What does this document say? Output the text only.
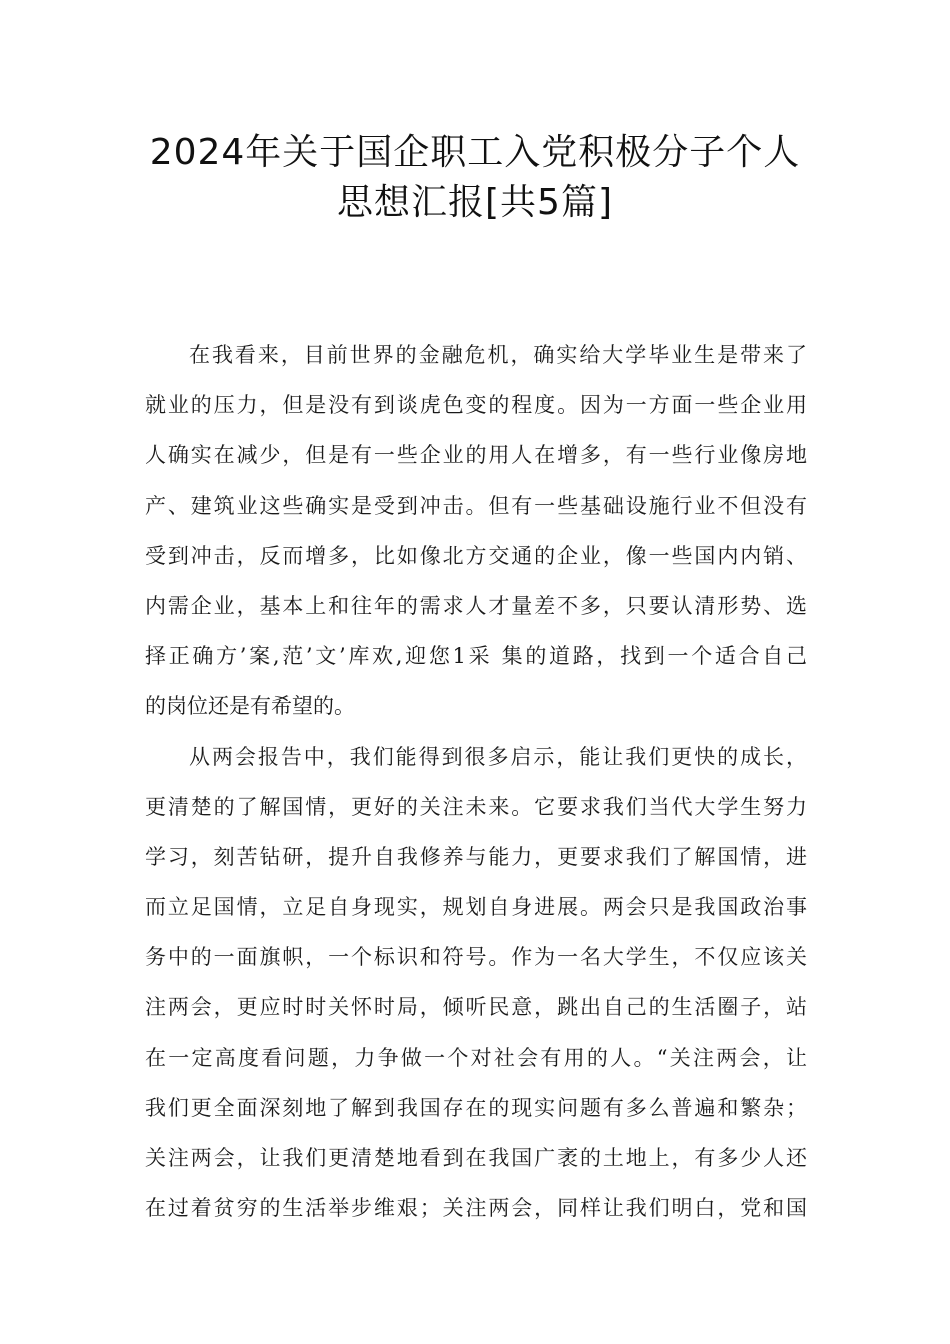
2024年关于国企职工入党积极分子个人
思想汇报[共5篇]
在我看来，目前世界的金融危机，确实给大学毕业生是带来了
就业的压力，但是没有到谈虎色变的程度。因为一方面一些企业用
人确实在减少，但是有一些企业的用人在增多，有一些行业像房地
产、建筑业这些确实是受到冲击。但有一些基础设施行业不但没有
受到冲击，反而增多，比如像北方交通的企业，像一些国内内销、
内需企业，基本上和往年的需求人才量差不多，只要认清形势、选
择正确方’案,范’文’库欢,迎您1采 集的道路，找到一个适合自己
的岗位还是有希望的。
从两会报告中，我们能得到很多启示，能让我们更快的成长，
更清楚的了解国情，更好的关注未来。它要求我们当代大学生努力
学习，刻苦钻研，提升自我修养与能力，更要求我们了解国情，进
而立足国情，立足自身现实，规划自身进展。两会只是我国政治事
务中的一面旗帜，一个标识和符号。作为一名大学生，不仅应该关
注两会，更应时时关怀时局，倾听民意，跳出自己的生活圈子，站
在一定高度看问题，力争做一个对社会有用的人。“关注两会，让
我们更全面深刻地了解到我国存在的现实问题有多么普遍和繁杂；
关注两会，让我们更清楚地看到在我国广袤的土地上，有多少人还
在过着贫穷的生活举步维艰；关注两会，同样让我们明白，党和国
